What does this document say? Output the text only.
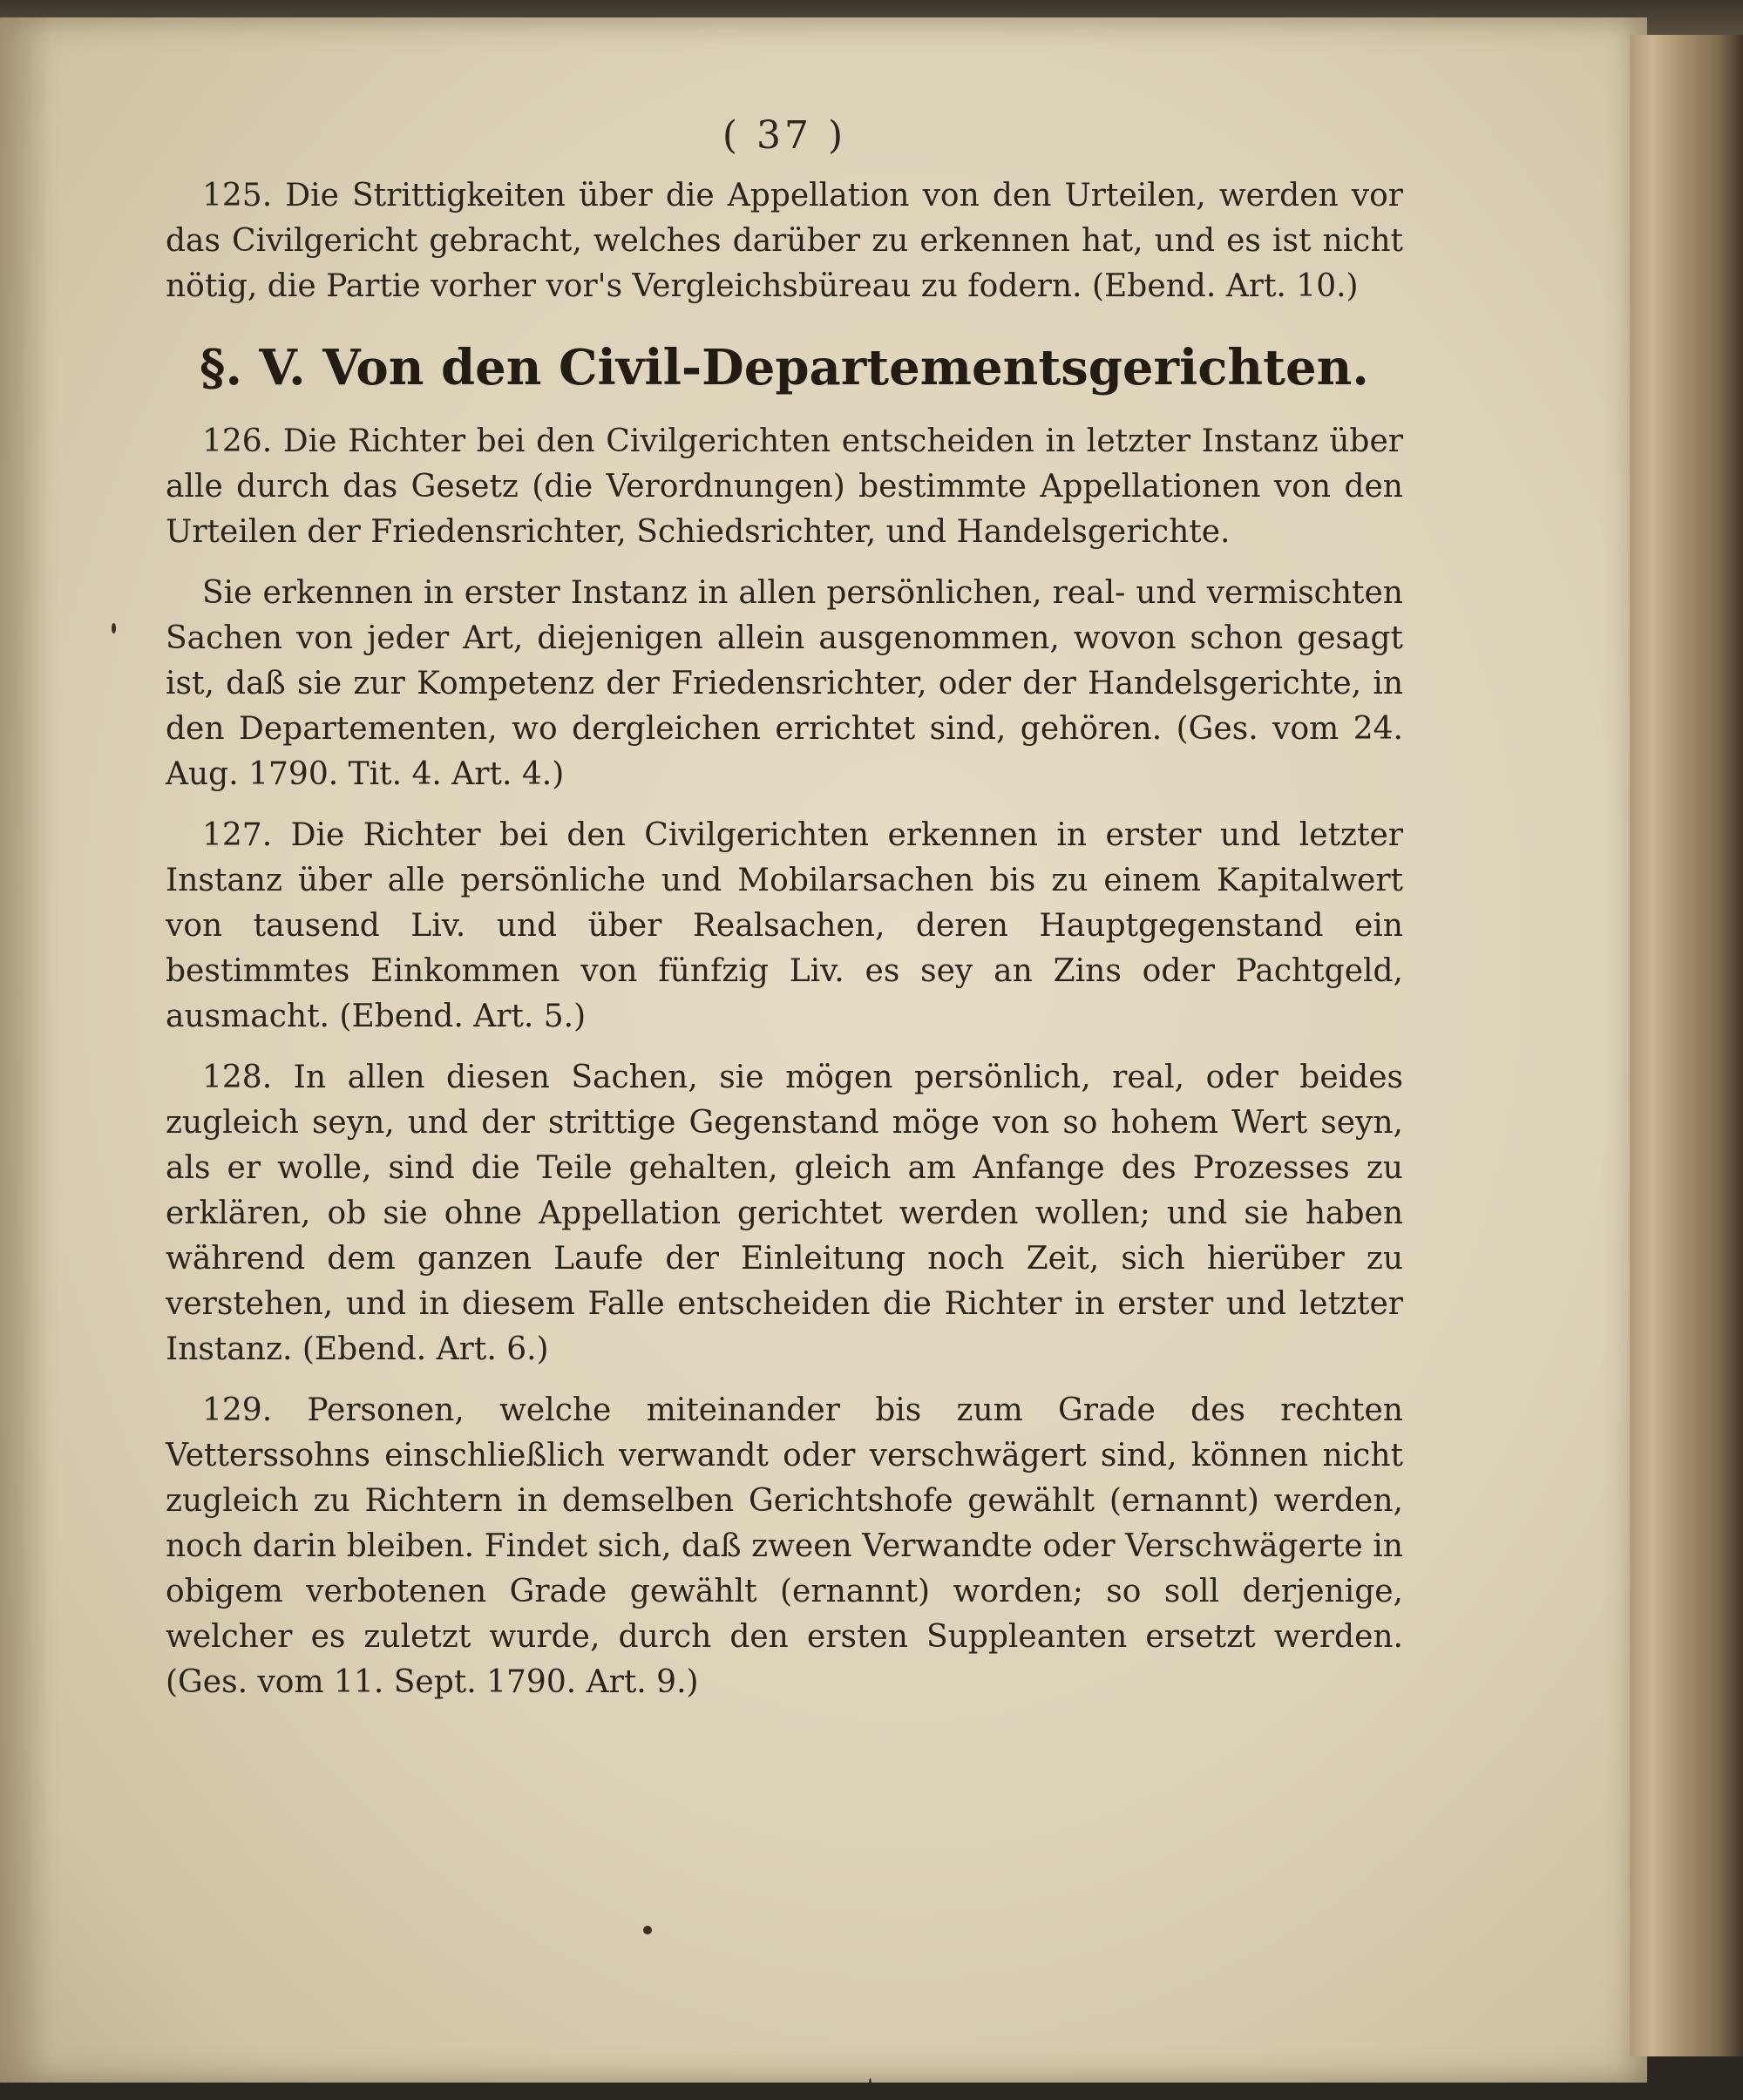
( 37 )

125. Die Strittigkeiten über die Appellation von den Urteilen, werden vor das Civilgericht gebracht, welches darüber zu erkennen hat, und es ist nicht nötig, die Partie vorher vor's Vergleichsbüreau zu fodern. (Ebend. Art. 10.)

§. V. Von den Civil-Departementsgerichten.

126. Die Richter bei den Civilgerichten entscheiden in letzter Instanz über alle durch das Gesetz (die Verordnungen) bestimmte Appellationen von den Urteilen der Friedensrichter, Schiedsrichter, und Handelsgerichte.

Sie erkennen in erster Instanz in allen persönlichen, real- und vermischten Sachen von jeder Art, diejenigen allein ausgenommen, wovon schon gesagt ist, daß sie zur Kompetenz der Friedensrichter, oder der Handelsgerichte, in den Departementen, wo dergleichen errichtet sind, gehören. (Ges. vom 24. Aug. 1790. Tit. 4. Art. 4.)

127. Die Richter bei den Civilgerichten erkennen in erster und letzter Instanz über alle persönliche und Mobilarsachen bis zu einem Kapitalwert von tausend Liv. und über Realsachen, deren Hauptgegenstand ein bestimmtes Einkommen von fünfzig Liv. es sey an Zins oder Pachtgeld, ausmacht. (Ebend. Art. 5.)

128. In allen diesen Sachen, sie mögen persönlich, real, oder beides zugleich seyn, und der strittige Gegenstand möge von so hohem Wert seyn, als er wolle, sind die Teile gehalten, gleich am Anfange des Prozesses zu erklären, ob sie ohne Appellation gerichtet werden wollen; und sie haben während dem ganzen Laufe der Einleitung noch Zeit, sich hierüber zu verstehen, und in diesem Falle entscheiden die Richter in erster und letzter Instanz. (Ebend. Art. 6.)

129. Personen, welche miteinander bis zum Grade des rechten Vetterssohns einschließlich verwandt oder verschwägert sind, können nicht zugleich zu Richtern in demselben Gerichtshofe gewählt (ernannt) werden, noch darin bleiben. Findet sich, daß zween Verwandte oder Verschwägerte in obigem verbotenen Grade gewählt (ernannt) worden; so soll derjenige, welcher es zuletzt wurde, durch den ersten Suppleanten ersetzt werden. (Ges. vom 11. Sept. 1790. Art. 9.)
